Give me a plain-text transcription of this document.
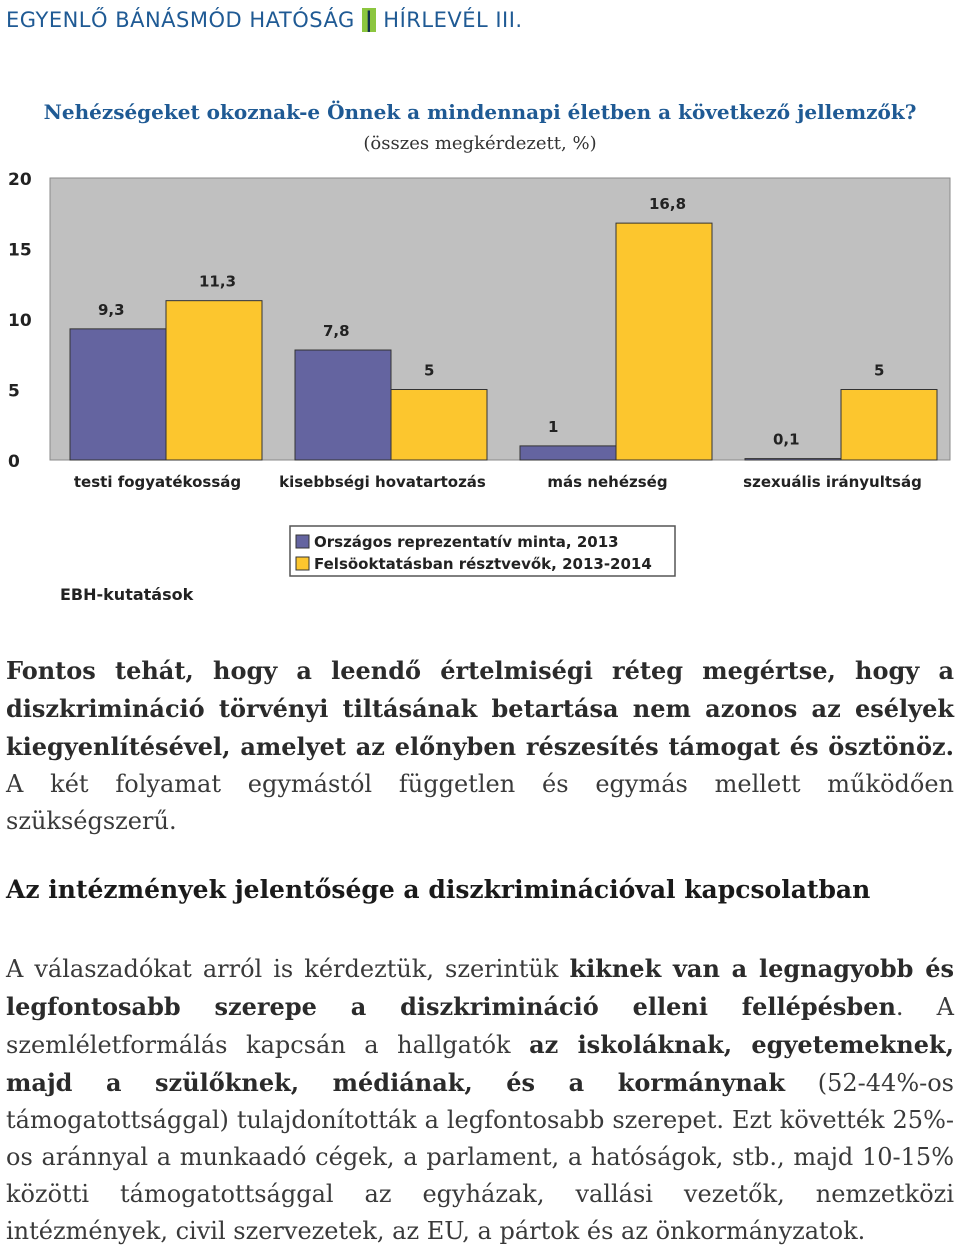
EGYENLŐ BÁNÁSMÓD HATÓSÁG | HÍRLEVÉL III.
Nehézségeket okoznak-e Önnek a mindennapi életben a következő jellemzők?
(összes megkérdezett, %)
0
5
10
15
20
9,3
11,3
testi fogyatékosság
7,8
5
kisebbségi hovatartozás
1
16,8
más nehézség
0,1
5
szexuális irányultság
Országos reprezentatív minta, 2013
Felsöoktatásban résztvevők, 2013-2014
EBH-kutatások

Fontos tehát, hogy a leendő értelmiségi réteg megértse, hogy a diszkrimináció törvényi tiltásának betartása nem azonos az esélyek kiegyenlítésével, amelyet az előnyben részesítés támogat és ösztönöz. A két folyamat egymástól független és egymás mellett működően szükségszerű.

Az intézmények jelentősége a diszkriminációval kapcsolatban

A válaszadókat arról is kérdeztük, szerintük kiknek van a legnagyobb és legfontosabb szerepe a diszkrimináció elleni fellépésben. A szemléletformálás kapcsán a hallgatók az iskoláknak, egyetemeknek, majd a szülőknek, médiának, és a kormánynak (52-44%-os támogatottsággal) tulajdonították a legfontosabb szerepet. Ezt követték 25%-os aránnyal a munkaadó cégek, a parlament, a hatóságok, stb., majd 10-15% közötti támogatottsággal az egyházak, vallási vezetők, nemzetközi intézmények, civil szervezetek, az EU, a pártok és az önkormányzatok.
